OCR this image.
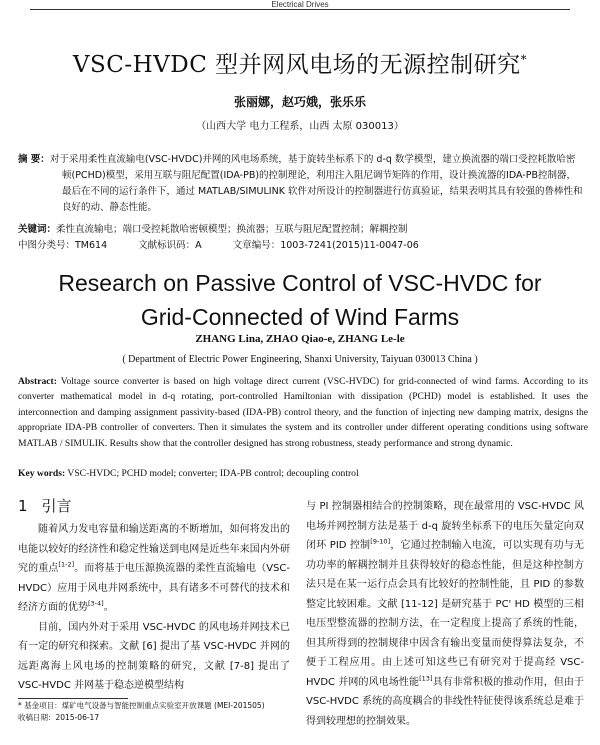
Electrical Drives
VSC-HVDC 型并网风电场的无源控制研究*
张丽娜，赵巧娥，张乐乐
（山西大学 电力工程系，山西 太原 030013）
摘 要：对于采用柔性直流输电(VSC-HVDC)并网的风电场系统，基于旋转坐标系下的 d-q 数学模型，建立换流器的端口受控耗散哈密顿(PCHD)模型，采用互联与阻尼配置(IDA-PB)的控制理论，利用注入阻尼调节矩阵的作用，设计换流器的IDA-PB控制器，最后在不同的运行条件下，通过 MATLAB/SIMULINK 软件对所设计的控制器进行仿真验证，结果表明其具有较强的鲁棒性和良好的动、静态性能。
关键词：柔性直流输电；端口受控耗散哈密顿模型；换流器；互联与阻尼配置控制；解耦控制
中图分类号：TM614	文献标识码：A	文章编号：1003-7241(2015)11-0047-06
Research on Passive Control of VSC-HVDC for
Grid-Connected of Wind Farms
ZHANG Lina, ZHAO Qiao-e, ZHANG Le-le
( Department of Electric Power Engineering, Shanxi University, Taiyuan 030013 China )
Abstract: Voltage source converter is based on high voltage direct current (VSC-HVDC) for grid-connected of wind farms. According to its converter mathematical model in d-q rotating, port-controlled Hamiltonian with dissipation (PCHD) model is established. It uses the interconnection and damping assignment passivity-based (IDA-PB) control theory, and the function of injecting new damping matrix, designs the appropriate IDA-PB controller of converters. Then it simulates the system and its controller under different operating conditions using software MATLAB / SIMULIK. Results show that the controller designed has strong robustness, steady performance and strong dynamic.
Key words: VSC-HVDC; PCHD model; converter; IDA-PB control; decoupling control
1 引言

随着风力发电容量和输送距离的不断增加，如何将发出的电能以较好的经济性和稳定性输送到电网是近些年来国内外研究的重点[1-2]。而将基于电压源换流器的柔性直流输电（VSC-HVDC）应用于风电并网系统中，具有诸多不可替代的技术和经济方面的优势[3-4]。

目前，国内外对于采用 VSC-HVDC 的风电场并网技术已有一定的研究和探索。文献 [6] 提出了基 VSC-HVDC 并网的远距离海上风电场的控制策略的研究，文献 [7-8] 提出了 VSC-HVDC 并网基于稳态逆模型结构

与 PI 控制器相结合的控制策略，现在最常用的 VSC-HVDC 风电场并网控制方法是基于 d-q 旋转坐标系下的电压矢量定向双闭环 PID 控制[9-10]，它通过控制输入电流，可以实现有功与无功功率的解耦控制并且获得较好的稳态性能，但是这种控制方法只是在某一运行点会具有比较好的控制性能，且 PID 的参数整定比较困难。文献 [11-12] 是研究基于 PC' HD 模型的三相电压型整流器的控制方法，在一定程度上提高了系统的性能，但其所得到的控制规律中因含有输出变量而使得算法复杂，不便于工程应用。由上述可知这些已有研究对于提高经 VSC-HVDC 并网的风电场性能[13]具有非常积极的推动作用，但由于 VSC-HVDC 系统的高度耦合的非线性特征使得该系统总是难于得到较理想的控制效果。

* 基金项目：煤矿电气设备与智能控制重点实验室开放课题 (MEI-201505)
收稿日期：2015-06-17
